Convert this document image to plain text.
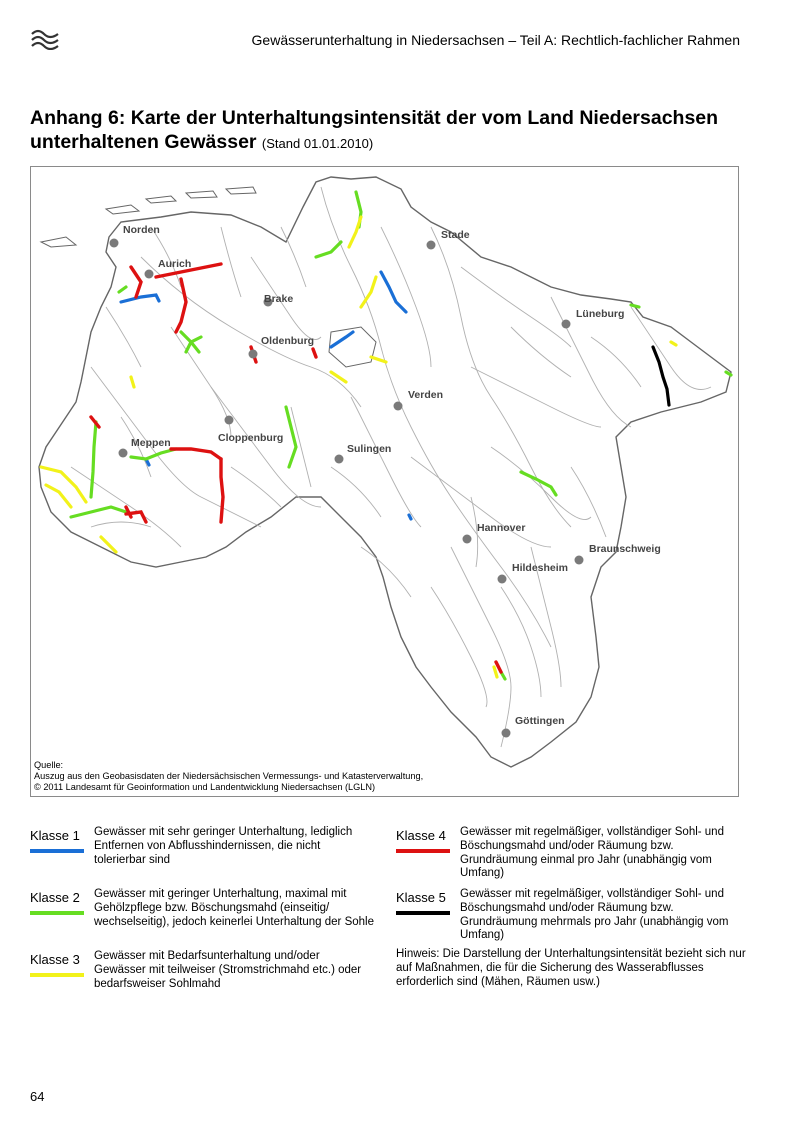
Gewässerunterhaltung in Niedersachsen – Teil A: Rechtlich-fachlicher Rahmen
Anhang 6: Karte der Unterhaltungsintensität der vom Land Niedersachsen unterhaltenen Gewässer (Stand 01.01.2010)
Norden
Aurich
Stade
Brake
Lüneburg
Oldenburg
Verden
Meppen	Cloppenburg
Sulingen
Hannover
Braunschweig
Hildesheim
Göttingen
Quelle:
Auszug aus den Geobasisdaten der Niedersächsischen Vermessungs- und Katasterverwaltung,
© 2011 Landesamt für Geoinformation und Landentwicklung Niedersachsen (LGLN)
Klasse 1 Gewässer mit sehr geringer Unterhaltung, lediglich Entfernen von Abflusshindernissen, die nicht tolerierbar sind
Klasse 2 Gewässer mit geringer Unterhaltung, maximal mit Gehölzpflege bzw. Böschungsmahd (einseitig/ wechselseitig), jedoch keinerlei Unterhaltung der Sohle
Klasse 3 Gewässer mit Bedarfsunterhaltung und/oder Gewässer mit teilweiser (Stromstrichmahd etc.) oder bedarfsweiser Sohlmahd
Klasse 4 Gewässer mit regelmäßiger, vollständiger Sohl- und Böschungsmahd und/oder Räumung bzw. Grundräumung einmal pro Jahr (unabhängig vom Umfang)
Klasse 5 Gewässer mit regelmäßiger, vollständiger Sohl- und Böschungsmahd und/oder Räumung bzw. Grundräumung mehrmals pro Jahr (unabhängig vom Umfang)
Hinweis: Die Darstellung der Unterhaltungsintensität bezieht sich nur auf Maßnahmen, die für die Sicherung des Wasserabflusses erforderlich sind (Mähen, Räumen usw.)
64
